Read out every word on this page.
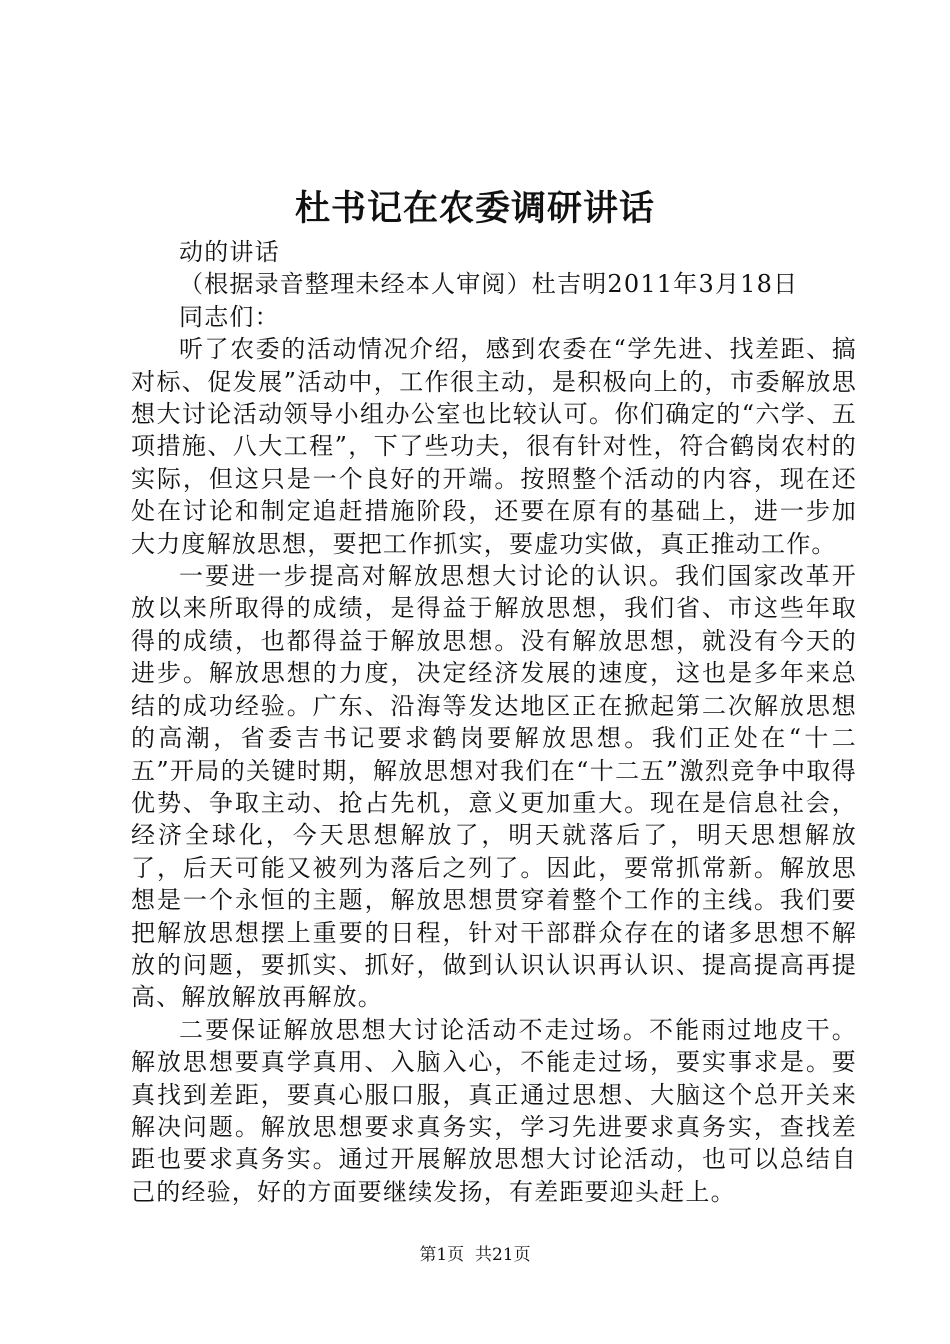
杜书记在农委调研讲话

动的讲话

（根据录音整理未经本人审阅）杜吉明2011年3月18日

同志们：

听了农委的活动情况介绍，感到农委在“学先进、找差距、搞对标、促发展”活动中，工作很主动，是积极向上的，市委解放思想大讨论活动领导小组办公室也比较认可。你们确定的“六学、五项措施、八大工程”，下了些功夫，很有针对性，符合鹤岗农村的实际，但这只是一个良好的开端。按照整个活动的内容，现在还处在讨论和制定追赶措施阶段，还要在原有的基础上，进一步加大力度解放思想，要把工作抓实，要虚功实做，真正推动工作。

一要进一步提高对解放思想大讨论的认识。我们国家改革开放以来所取得的成绩，是得益于解放思想，我们省、市这些年取得的成绩，也都得益于解放思想。没有解放思想，就没有今天的进步。解放思想的力度，决定经济发展的速度，这也是多年来总结的成功经验。广东、沿海等发达地区正在掀起第二次解放思想的高潮，省委吉书记要求鹤岗要解放思想。我们正处在“十二五”开局的关键时期，解放思想对我们在“十二五”激烈竞争中取得优势、争取主动、抢占先机，意义更加重大。现在是信息社会，经济全球化，今天思想解放了，明天就落后了，明天思想解放了，后天可能又被列为落后之列了。因此，要常抓常新。解放思想是一个永恒的主题，解放思想贯穿着整个工作的主线。我们要把解放思想摆上重要的日程，针对干部群众存在的诸多思想不解放的问题，要抓实、抓好，做到认识认识再认识、提高提高再提高、解放解放再解放。

二要保证解放思想大讨论活动不走过场。不能雨过地皮干。解放思想要真学真用、入脑入心，不能走过场，要实事求是。要真找到差距，要真心服口服，真正通过思想、大脑这个总开关来解决问题。解放思想要求真务实，学习先进要求真务实，查找差距也要求真务实。通过开展解放思想大讨论活动，也可以总结自己的经验，好的方面要继续发扬，有差距要迎头赶上。

第1页  共21页
